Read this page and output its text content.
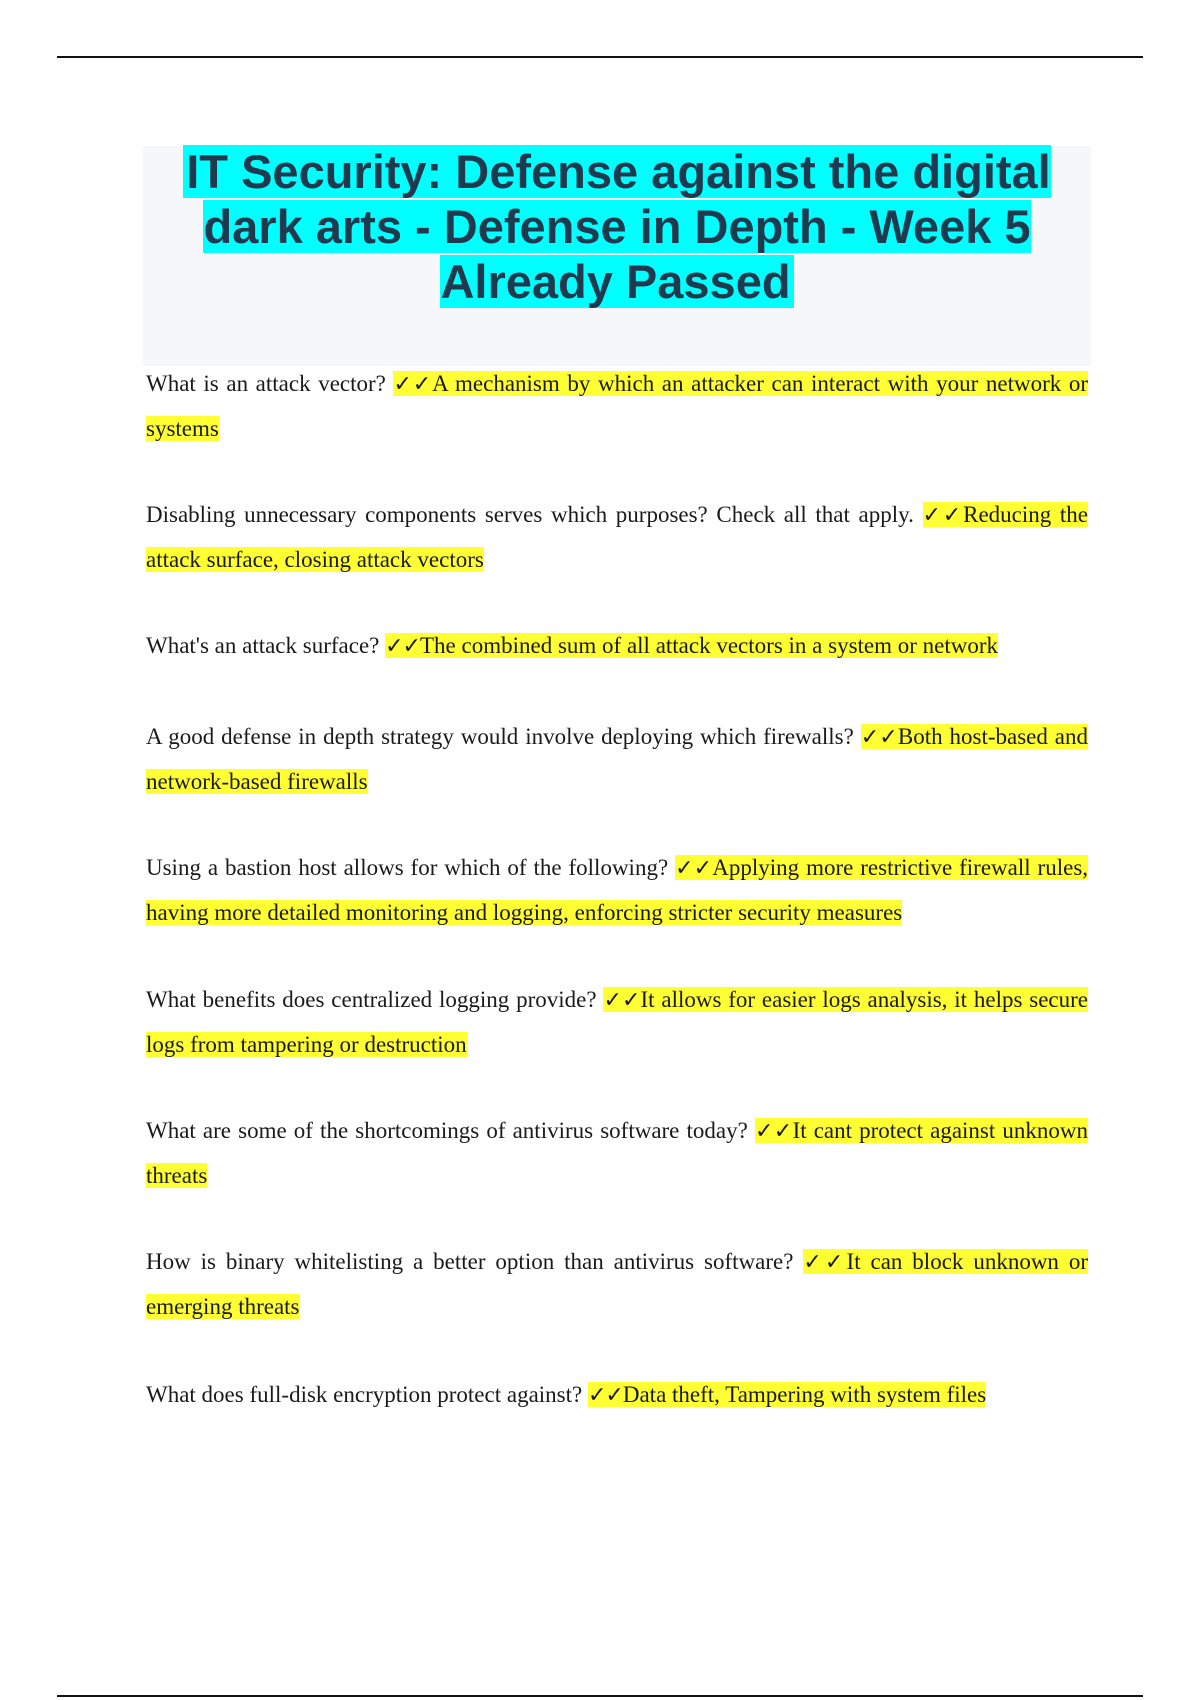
IT Security: Defense against the digital dark arts - Defense in Depth - Week 5 Already Passed

What is an attack vector? ✓✓A mechanism by which an attacker can interact with your network or systems

Disabling unnecessary components serves which purposes? Check all that apply. ✓✓Reducing the attack surface, closing attack vectors

What's an attack surface? ✓✓The combined sum of all attack vectors in a system or network

A good defense in depth strategy would involve deploying which firewalls? ✓✓Both host-based and network-based firewalls

Using a bastion host allows for which of the following? ✓✓Applying more restrictive firewall rules, having more detailed monitoring and logging, enforcing stricter security measures

What benefits does centralized logging provide? ✓✓It allows for easier logs analysis, it helps secure logs from tampering or destruction

What are some of the shortcomings of antivirus software today? ✓✓It cant protect against unknown threats

How is binary whitelisting a better option than antivirus software? ✓✓It can block unknown or emerging threats

What does full-disk encryption protect against? ✓✓Data theft, Tampering with system files
